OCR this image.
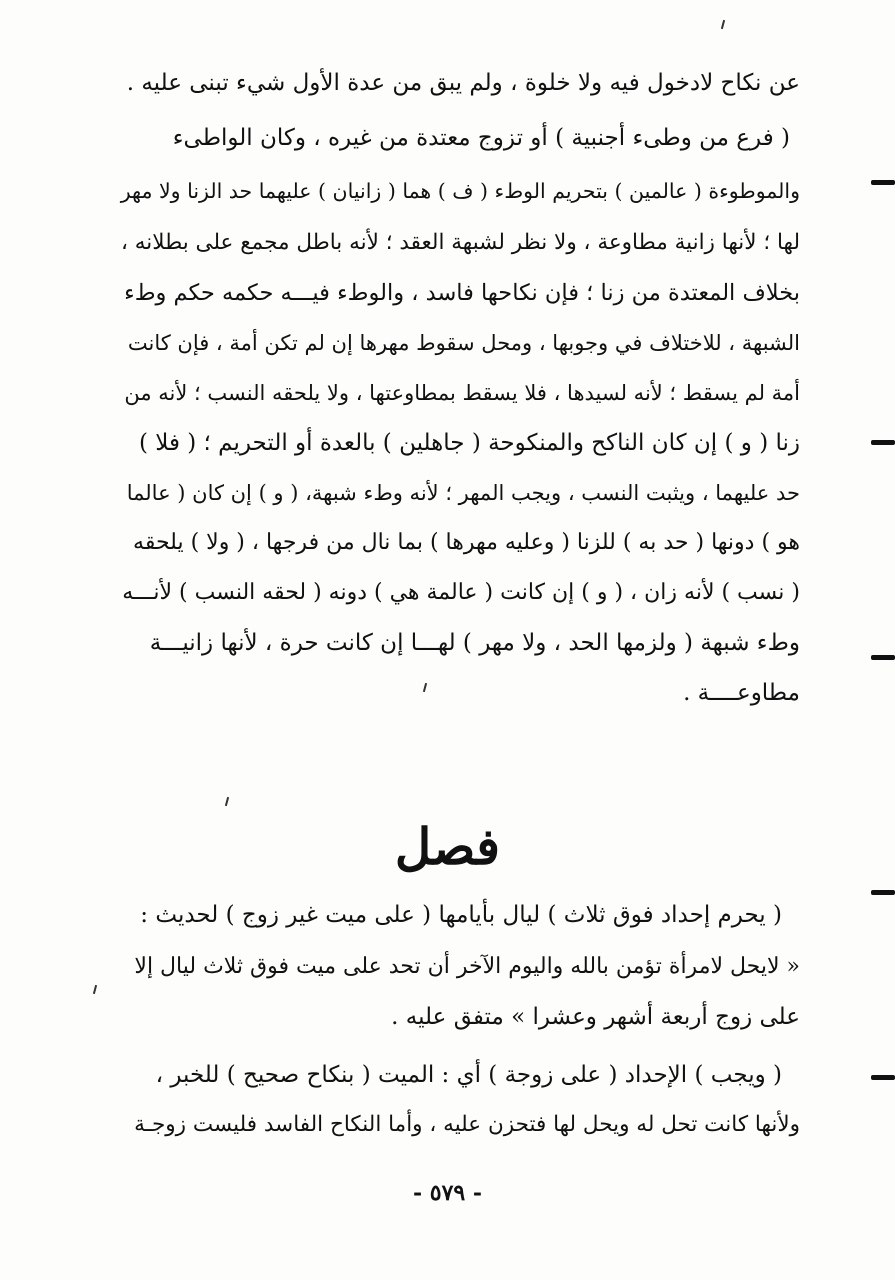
عن نكاح لادخول فيه ولا خلوة ، ولم يبق من عدة الأول شيء تبنى عليه .
( فرع من وطىء أجنبية ) أو تزوج معتدة من غيره ، وكان الواطىء
والموطوءة ( عالمين ) بتحريم الوطء ( ف ) هما ( زانيان ) عليهما حد الزنا ولا مهر
لها ؛ لأنها زانية مطاوعة ، ولا نظر لشبهة العقد ؛ لأنه باطل مجمع على بطلانه ،
بخلاف المعتدة من زنا ؛ فإن نكاحها فاسد ، والوطء فيـــه حكمه حكم وطء
الشبهة ، للاختلاف في وجوبها ، ومحل سقوط مهرها إن لم تكن أمة ، فإن كانت
أمة لم يسقط ؛ لأنه لسيدها ، فلا يسقط بمطاوعتها ، ولا يلحقه النسب ؛ لأنه من
زنا ( و ) إن كان الناكح والمنكوحة ( جاهلين ) بالعدة أو التحريم ؛ ( فلا )
حد عليهما ، ويثبت النسب ، ويجب المهر ؛ لأنه وطء شبهة، ( و ) إن كان ( عالما
هو ) دونها ( حد به ) للزنا ( وعليه مهرها ) بما نال من فرجها ، ( ولا ) يلحقه
( نسب ) لأنه زان ، ( و ) إن كانت ( عالمة هي ) دونه ( لحقه النسب ) لأنـــه
وطء شبهة ( ولزمها الحد ، ولا مهر ) لهـــا إن كانت حرة ، لأنها زانيـــة
مطاوعــــة .
فصل
( يحرم إحداد فوق ثلاث ) ليال بأيامها ( على ميت غير زوج ) لحديث :
« لايحل لامرأة تؤمن بالله واليوم الآخر أن تحد على ميت فوق ثلاث ليال إلا
على زوج أربعة أشهر وعشرا » متفق عليه .
( ويجب ) الإحداد ( على زوجة ) أي : الميت ( بنكاح صحيح ) للخبر ،
ولأنها كانت تحل له ويحل لها فتحزن عليه ، وأما النكاح الفاسد فليست زوجـة
- ٥٧٩ -
